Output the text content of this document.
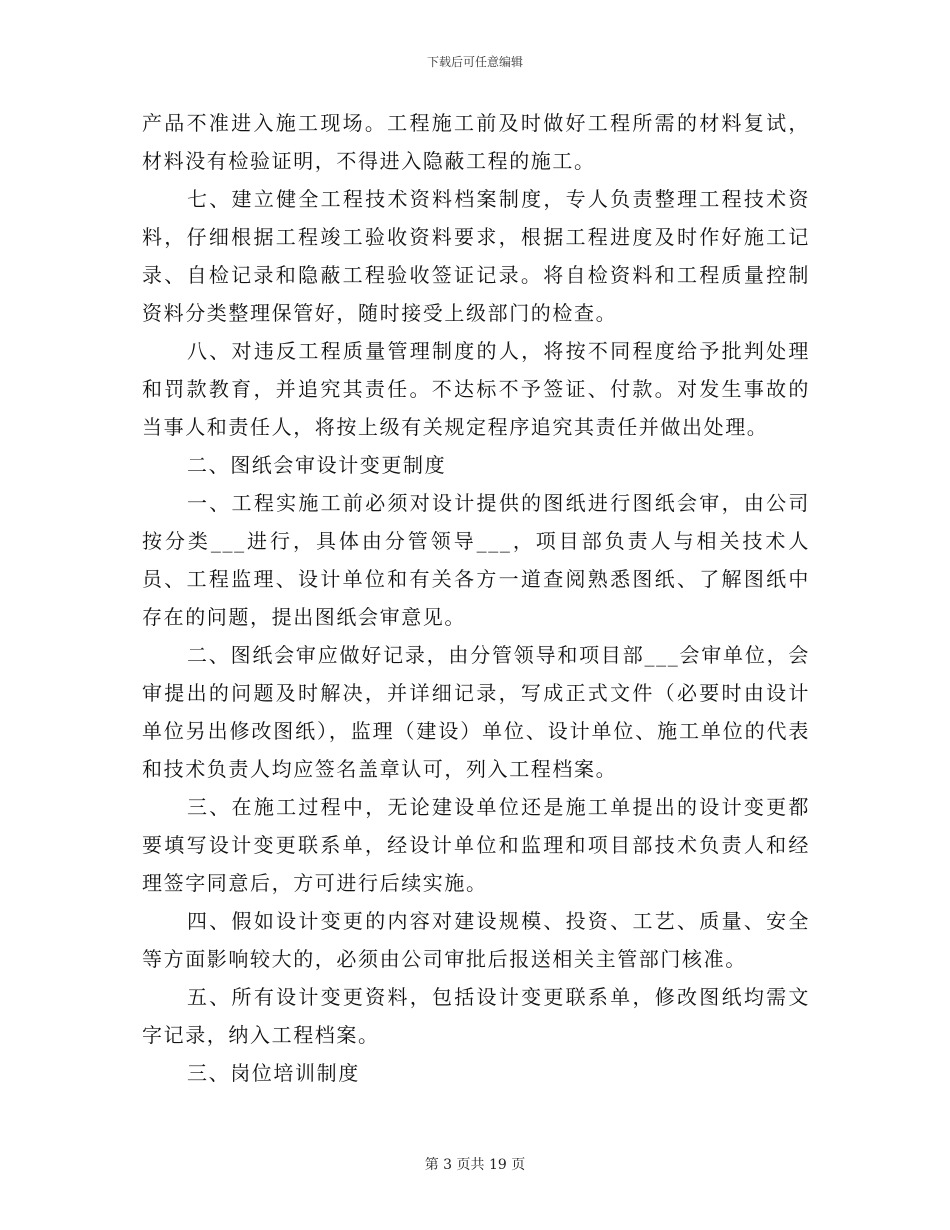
下载后可任意编辑

产品不准进入施工现场。工程施工前及时做好工程所需的材料复试，材料没有检验证明，不得进入隐蔽工程的施工。

七、建立健全工程技术资料档案制度，专人负责整理工程技术资料，仔细根据工程竣工验收资料要求，根据工程进度及时作好施工记录、自检记录和隐蔽工程验收签证记录。将自检资料和工程质量控制资料分类整理保管好，随时接受上级部门的检查。

八、对违反工程质量管理制度的人，将按不同程度给予批判处理和罚款教育，并追究其责任。不达标不予签证、付款。对发生事故的当事人和责任人，将按上级有关规定程序追究其责任并做出处理。

二、图纸会审设计变更制度

一、工程实施工前必须对设计提供的图纸进行图纸会审，由公司按分类___进行，具体由分管领导___，项目部负责人与相关技术人员、工程监理、设计单位和有关各方一道查阅熟悉图纸、了解图纸中存在的问题，提出图纸会审意见。

二、图纸会审应做好记录，由分管领导和项目部___会审单位，会审提出的问题及时解决，并详细记录，写成正式文件（必要时由设计单位另出修改图纸），监理（建设）单位、设计单位、施工单位的代表和技术负责人均应签名盖章认可，列入工程档案。

三、在施工过程中，无论建设单位还是施工单提出的设计变更都要填写设计变更联系单，经设计单位和监理和项目部技术负责人和经理签字同意后，方可进行后续实施。

四、假如设计变更的内容对建设规模、投资、工艺、质量、安全等方面影响较大的，必须由公司审批后报送相关主管部门核准。

五、所有设计变更资料，包括设计变更联系单，修改图纸均需文字记录，纳入工程档案。

三、岗位培训制度

第 3 页共 19 页
